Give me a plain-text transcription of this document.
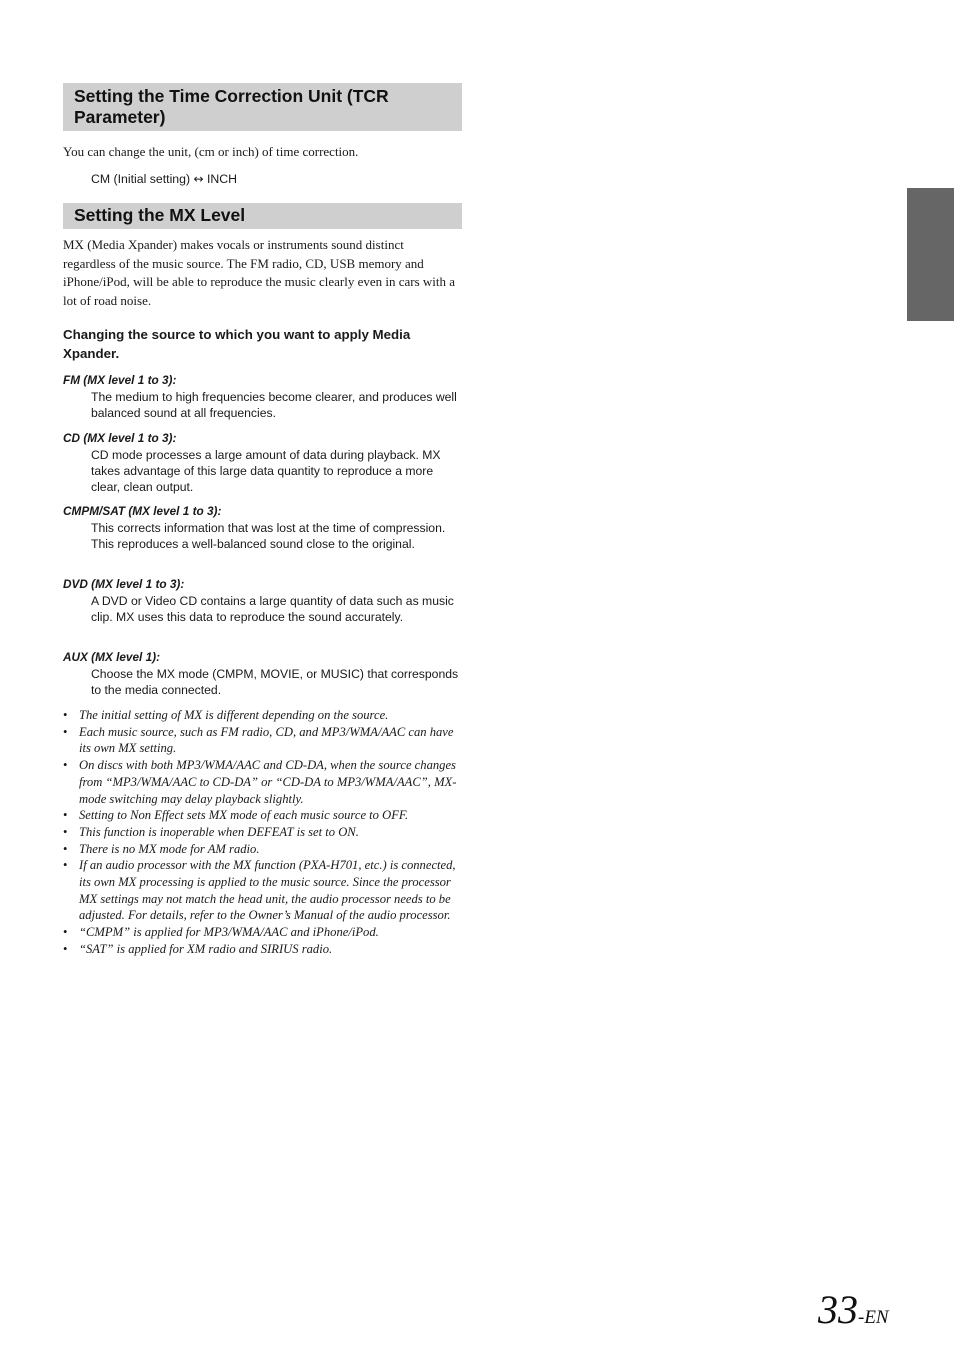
Setting the Time Correction Unit (TCR Parameter)
You can change the unit, (cm or inch) of time correction.
CM (Initial setting) ↔ INCH
Setting the MX Level
MX (Media Xpander) makes vocals or instruments sound distinct regardless of the music source. The FM radio, CD, USB memory and iPhone/iPod, will be able to reproduce the music clearly even in cars with a lot of road noise.
Changing the source to which you want to apply Media Xpander.

FM (MX level 1 to 3):

The medium to high frequencies become clearer, and produces well balanced sound at all frequencies.

CD (MX level 1 to 3):

CD mode processes a large amount of data during playback. MX takes advantage of this large data quantity to reproduce a more clear, clean output.

CMPM/SAT (MX level 1 to 3):

This corrects information that was lost at the time of compression. This reproduces a well-balanced sound close to the original.

DVD (MX level 1 to 3):

A DVD or Video CD contains a large quantity of data such as music clip. MX uses this data to reproduce the sound accurately.

AUX (MX level 1):

Choose the MX mode (CMPM, MOVIE, or MUSIC) that corresponds to the media connected.

• The initial setting of MX is different depending on the source.
• Each music source, such as FM radio, CD, and MP3/WMA/AAC can have its own MX setting.
• On discs with both MP3/WMA/AAC and CD-DA, when the source changes from “MP3/WMA/AAC to CD-DA” or “CD-DA to MP3/WMA/AAC”, MX-mode switching may delay playback slightly.
• Setting to Non Effect sets MX mode of each music source to OFF.
• This function is inoperable when DEFEAT is set to ON.
• There is no MX mode for AM radio.
• If an audio processor with the MX function (PXA-H701, etc.) is connected, its own MX processing is applied to the music source. Since the processor MX settings may not match the head unit, the audio processor needs to be adjusted. For details, refer to the Owner’s Manual of the audio processor.
• “CMPM” is applied for MP3/WMA/AAC and iPhone/iPod.
• “SAT” is applied for XM radio and SIRIUS radio.
33-EN
